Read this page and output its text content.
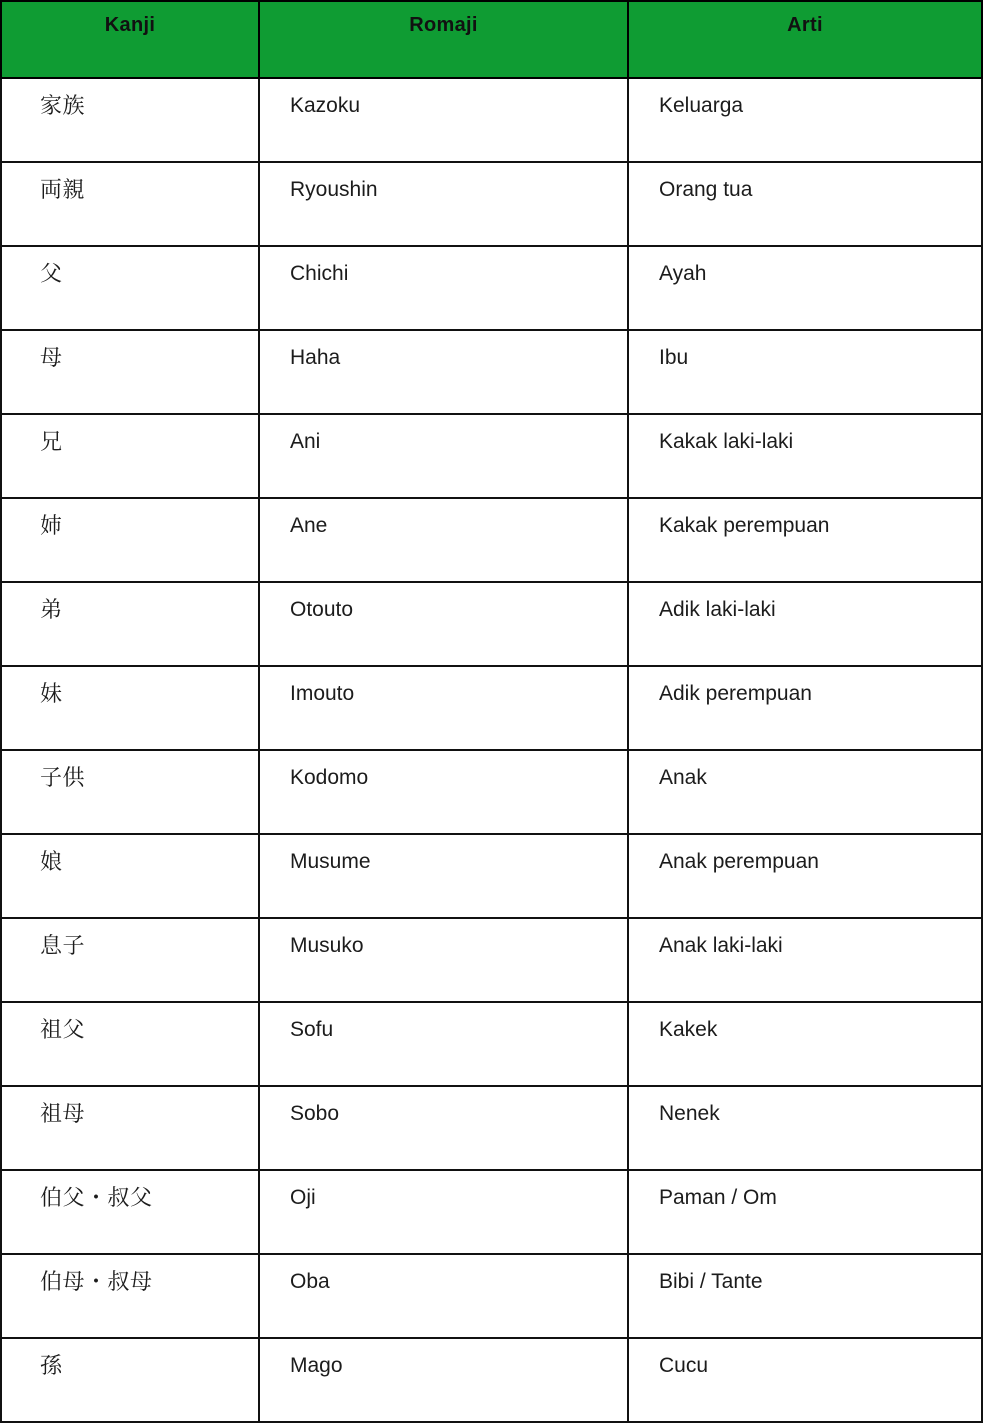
Kanji	Romaji	Arti
家族	Kazoku	Keluarga
両親	Ryoushin	Orang tua
父	Chichi	Ayah
母	Haha	Ibu
兄	Ani	Kakak laki-laki
姉	Ane	Kakak perempuan
弟	Otouto	Adik laki-laki
妹	Imouto	Adik perempuan
子供	Kodomo	Anak
娘	Musume	Anak perempuan
息子	Musuko	Anak laki-laki
祖父	Sofu	Kakek
祖母	Sobo	Nenek
伯父・叔父	Oji	Paman / Om
伯母・叔母	Oba	Bibi / Tante
孫	Mago	Cucu
